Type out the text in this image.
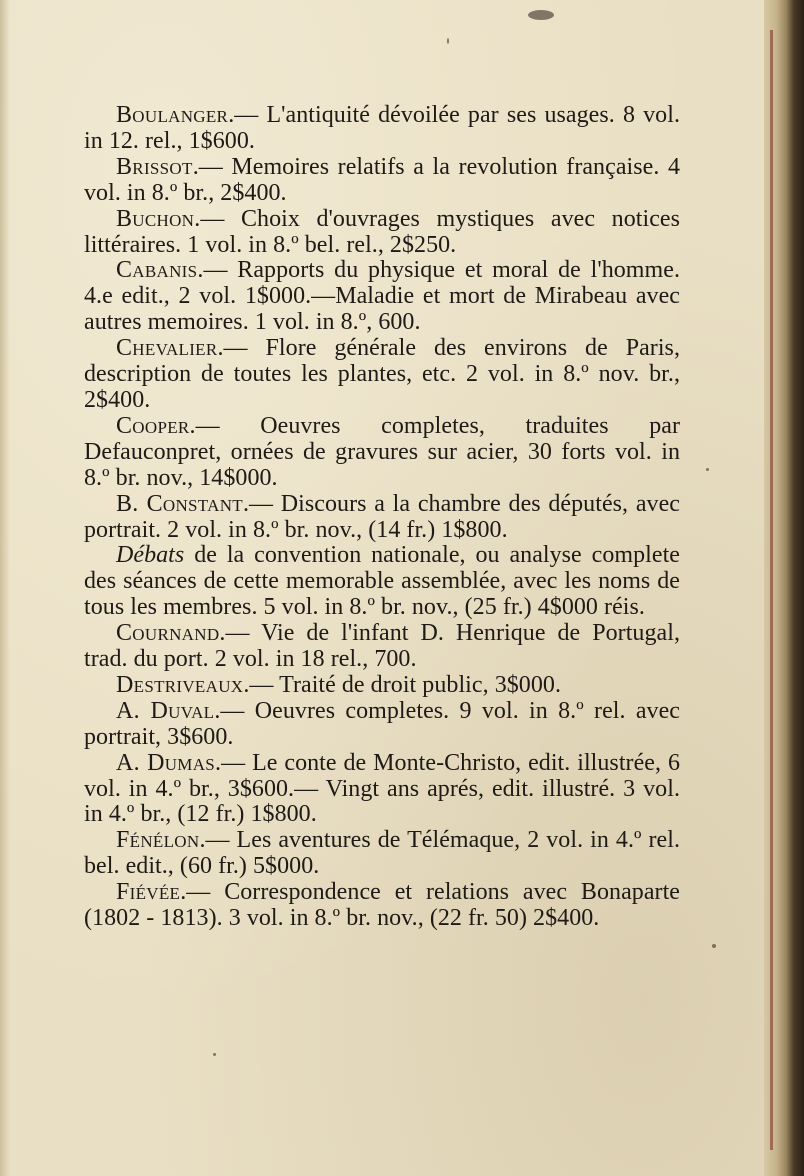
Boulanger.— L'antiquité dévoilée par ses usages. 8 vol. in 12. rel., 1$600.

Brissot.— Memoires relatifs a la revolution française. 4 vol. in 8.º br., 2$400.

Buchon.— Choix d'ouvrages mystiques avec notices littéraires. 1 vol. in 8.º bel. rel., 2$250.

Cabanis.— Rapports du physique et moral de l'homme. 4.e edit., 2 vol. 1$000.—Maladie et mort de Mirabeau avec autres memoires. 1 vol. in 8.º, 600.

Chevalier.— Flore générale des environs de Paris, description de toutes les plantes, etc. 2 vol. in 8.º nov. br., 2$400.

Cooper.— Oeuvres completes, traduites par Defauconpret, ornées de gravures sur acier, 30 forts vol. in 8.º br. nov., 14$000.

B. Constant.— Discours a la chambre des députés, avec portrait. 2 vol. in 8.º br. nov., (14 fr.) 1$800.

Débats de la convention nationale, ou analyse complete des séances de cette memorable assemblée, avec les noms de tous les membres. 5 vol. in 8.º br. nov., (25 fr.) 4$000 réis.

Cournand.— Vie de l'infant D. Henrique de Portugal, trad. du port. 2 vol. in 18 rel., 700.

Destriveaux.— Traité de droit public, 3$000.

A. Duval.— Oeuvres completes. 9 vol. in 8.º rel. avec portrait, 3$600.

A. Dumas.— Le conte de Monte-Christo, edit. illustrée, 6 vol. in 4.º br., 3$600.— Vingt ans aprés, edit. illustré. 3 vol. in 4.º br., (12 fr.) 1$800.

Fénélon.— Les aventures de Télémaque, 2 vol. in 4.º rel. bel. edit., (60 fr.) 5$000.

Fiévée.— Correspondence et relations avec Bonaparte (1802 - 1813). 3 vol. in 8.º br. nov., (22 fr. 50) 2$400.
